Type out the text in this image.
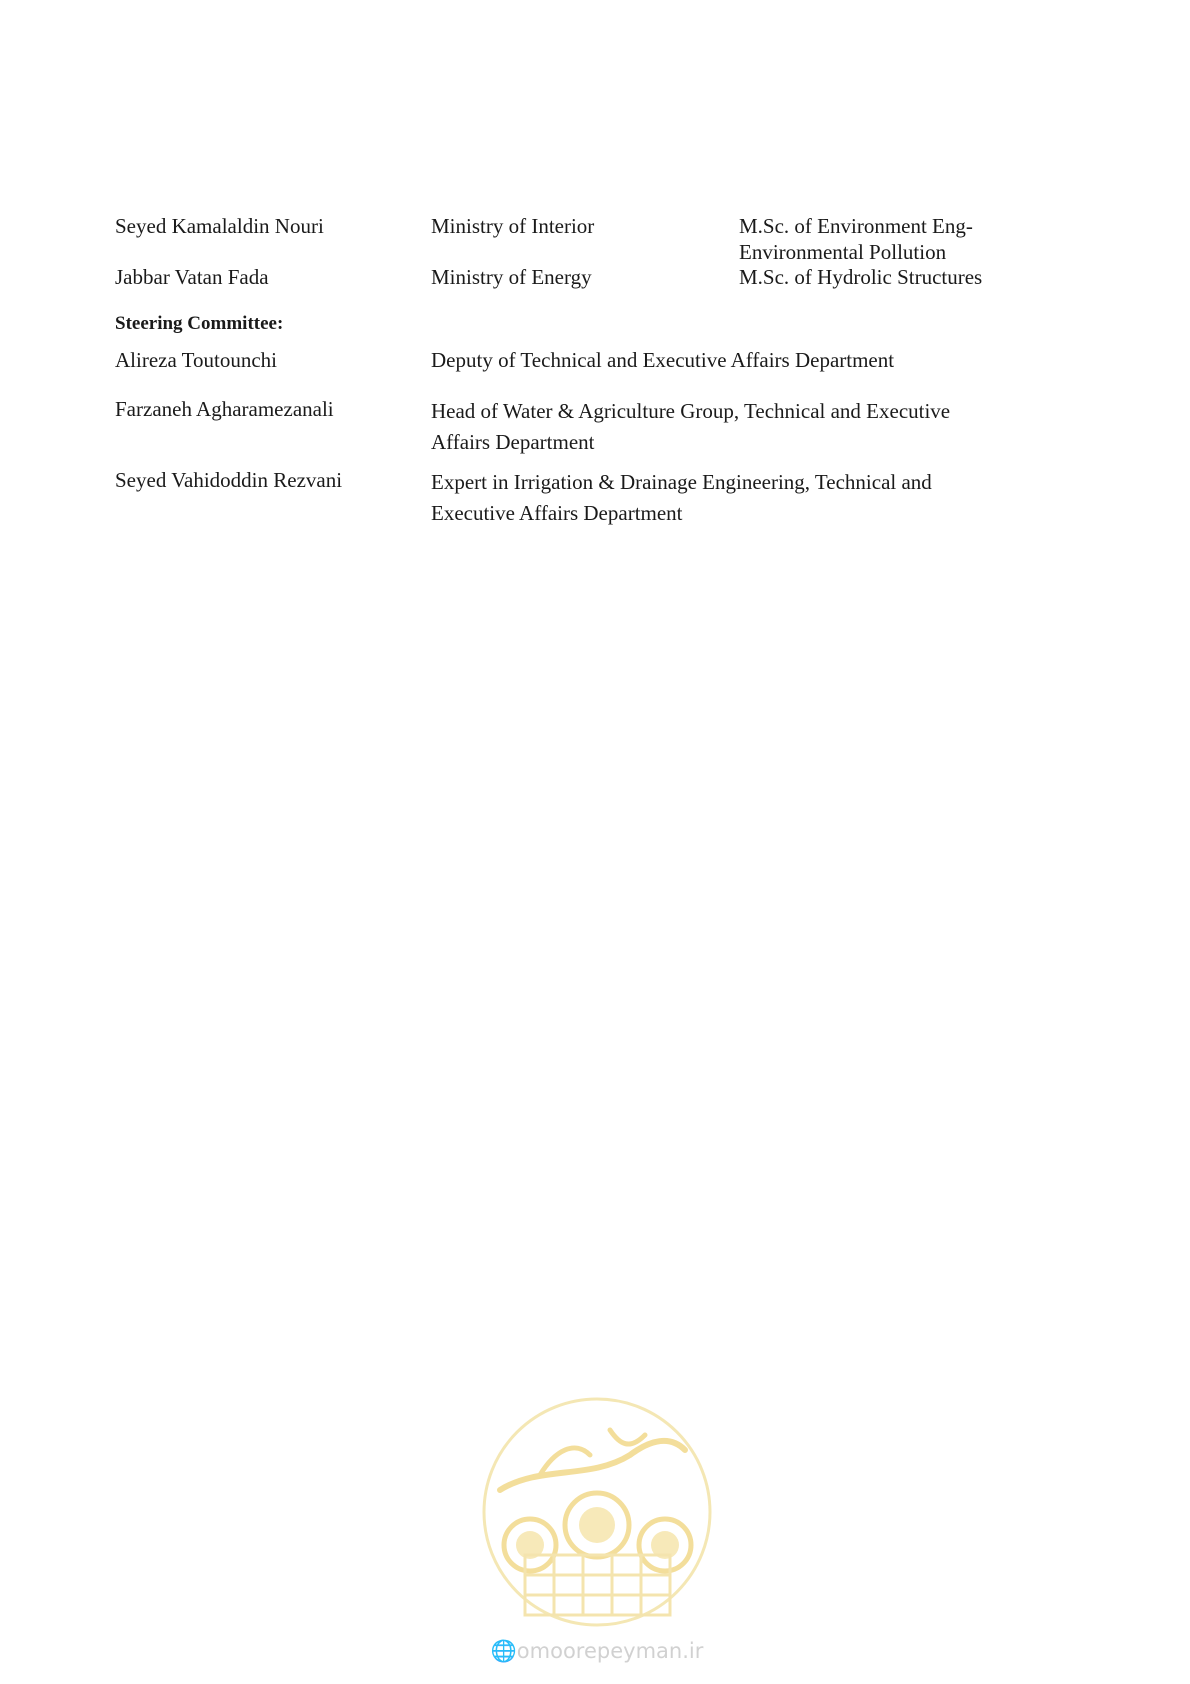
Seyed Kamalaldin Nouri	Ministry of Interior	M.Sc. of Environment Eng-
Environmental Pollution
Jabbar Vatan Fada	Ministry of Energy	M.Sc. of Hydrolic Structures
Steering Committee:
Alireza Toutounchi	Deputy of Technical and Executive Affairs Department
Farzaneh Agharamezanali	Head of Water & Agriculture Group, Technical and Executive Affairs Department
Seyed Vahidoddin Rezvani	Expert in Irrigation & Drainage Engineering, Technical and Executive Affairs Department
🌐omoorepeyman.ir
